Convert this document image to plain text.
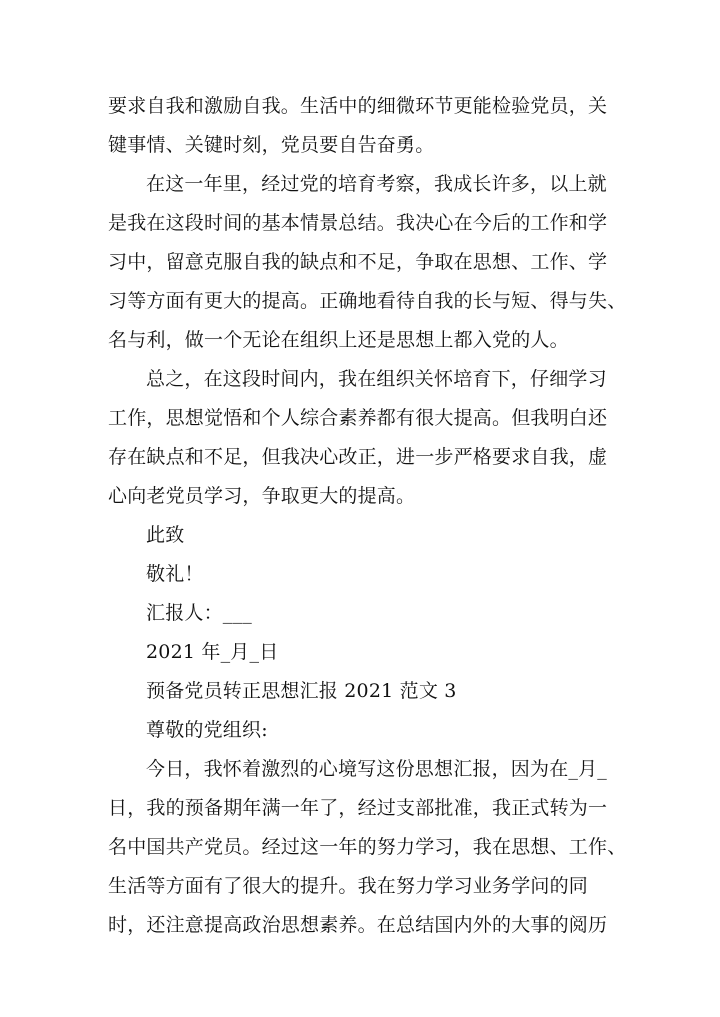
要求自我和激励自我。生活中的细微环节更能检验党员，关
键事情、关键时刻，党员要自告奋勇。
在这一年里，经过党的培育考察，我成长许多，以上就
是我在这段时间的基本情景总结。我决心在今后的工作和学
习中，留意克服自我的缺点和不足，争取在思想、工作、学
习等方面有更大的提高。正确地看待自我的长与短、得与失、
名与利，做一个无论在组织上还是思想上都入党的人。
总之，在这段时间内，我在组织关怀培育下，仔细学习
工作，思想觉悟和个人综合素养都有很大提高。但我明白还
存在缺点和不足，但我决心改正，进一步严格要求自我，虚
心向老党员学习，争取更大的提高。
此致
敬礼！
汇报人：___
2021 年_月_日
预备党员转正思想汇报 2021 范文 3
尊敬的党组织:
今日，我怀着激烈的心境写这份思想汇报，因为在_月_
日，我的预备期年满一年了，经过支部批准，我正式转为一
名中国共产党员。经过这一年的努力学习，我在思想、工作、
生活等方面有了很大的提升。我在努力学习业务学问的同
时，还注意提高政治思想素养。在总结国内外的大事的阅历
